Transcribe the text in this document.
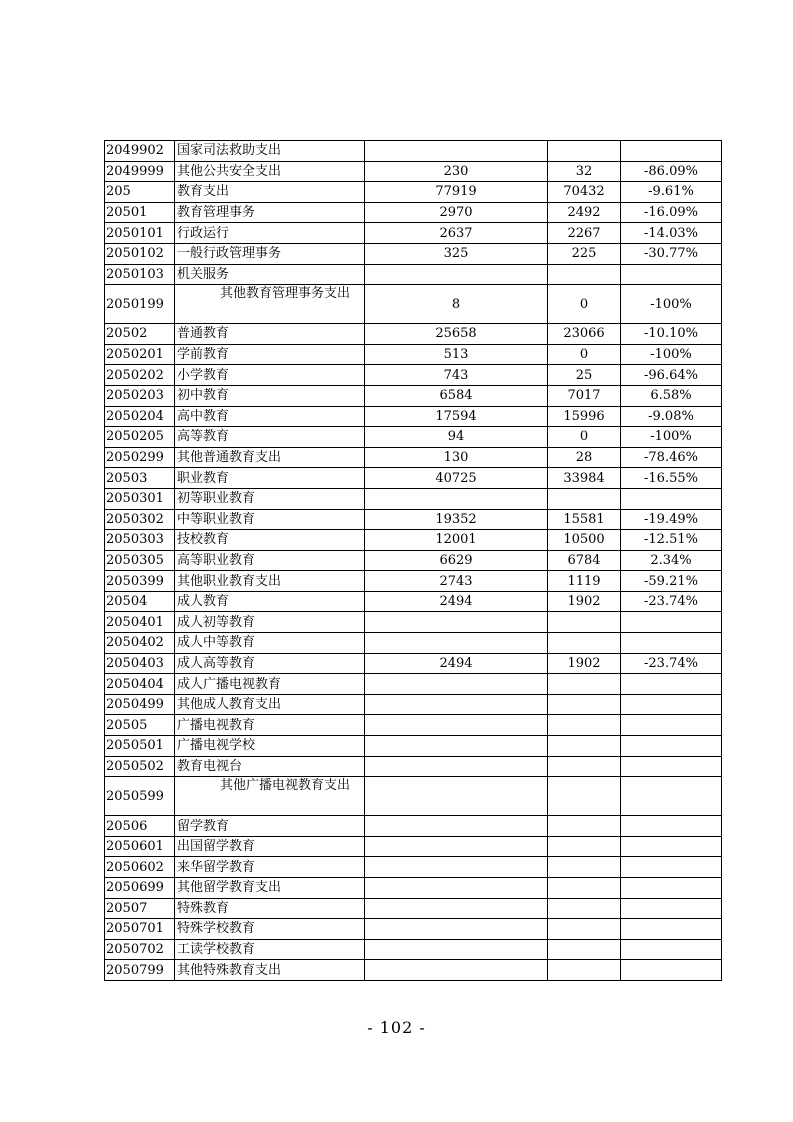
2049902	国家司法救助支出			
2049999	其他公共安全支出	230	32	-86.09%
205	教育支出	77919	70432	-9.61%
20501	教育管理事务	2970	2492	-16.09%
2050101	行政运行	2637	2267	-14.03%
2050102	一般行政管理事务	325	225	-30.77%
2050103	机关服务			
2050199	其他教育管理事务支出	8	0	-100%
20502	普通教育	25658	23066	-10.10%
2050201	学前教育	513	0	-100%
2050202	小学教育	743	25	-96.64%
2050203	初中教育	6584	7017	6.58%
2050204	高中教育	17594	15996	-9.08%
2050205	高等教育	94	0	-100%
2050299	其他普通教育支出	130	28	-78.46%
20503	职业教育	40725	33984	-16.55%
2050301	初等职业教育			
2050302	中等职业教育	19352	15581	-19.49%
2050303	技校教育	12001	10500	-12.51%
2050305	高等职业教育	6629	6784	2.34%
2050399	其他职业教育支出	2743	1119	-59.21%
20504	成人教育	2494	1902	-23.74%
2050401	成人初等教育			
2050402	成人中等教育			
2050403	成人高等教育	2494	1902	-23.74%
2050404	成人广播电视教育			
2050499	其他成人教育支出			
20505	广播电视教育			
2050501	广播电视学校			
2050502	教育电视台			
2050599	其他广播电视教育支出			

20506	留学教育			
2050601	出国留学教育			
2050602	来华留学教育			
2050699	其他留学教育支出			
20507	特殊教育			
2050701	特殊学校教育			
2050702	工读学校教育			
2050799	其他特殊教育支出			
- 102 -
